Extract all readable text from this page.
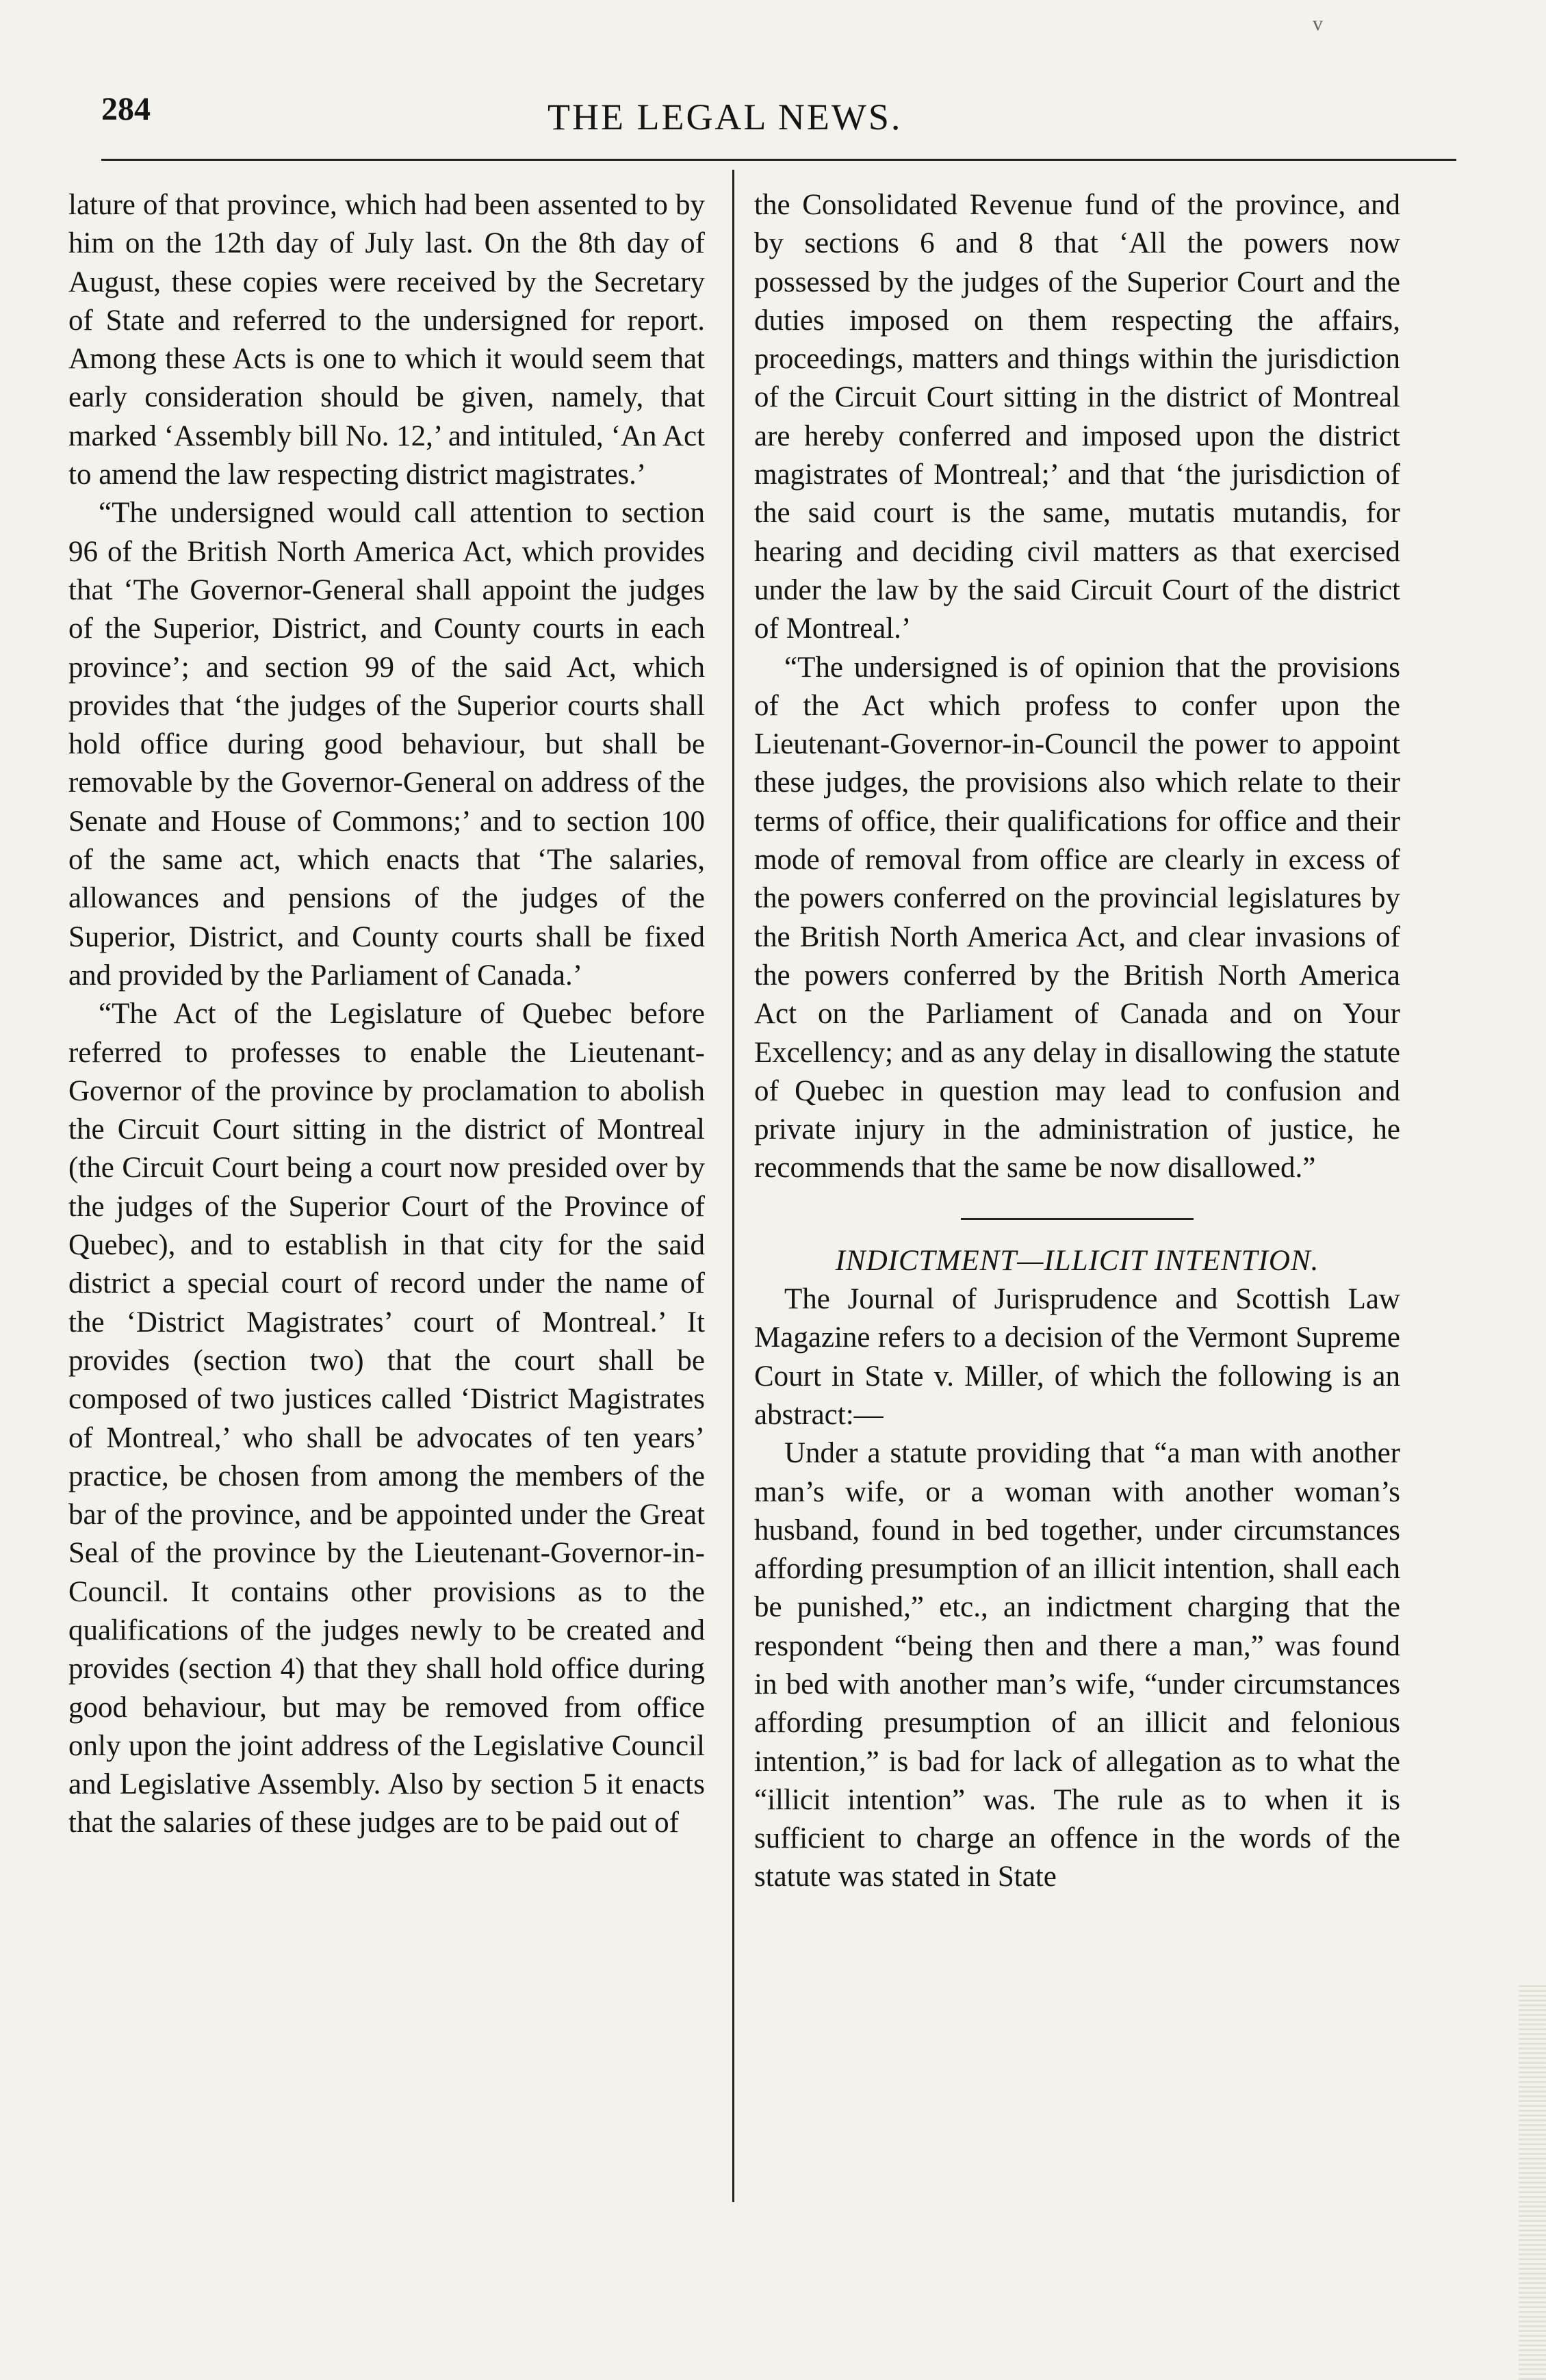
284	THE LEGAL NEWS.
v

lature of that province, which had been assented to by him on the 12th day of July last. On the 8th day of August, these copies were received by the Secretary of State and referred to the undersigned for report. Among these Acts is one to which it would seem that early consideration should be given, namely, that marked ‘Assembly bill No. 12,’ and intituled, ‘An Act to amend the law respecting district magistrates.’

“The undersigned would call attention to section 96 of the British North America Act, which provides that ‘The Governor-General shall appoint the judges of the Superior, District, and County courts in each province’; and section 99 of the said Act, which provides that ‘the judges of the Superior courts shall hold office during good behaviour, but shall be removable by the Governor-General on address of the Senate and House of Commons;’ and to section 100 of the same act, which enacts that ‘The salaries, allowances and pensions of the judges of the Superior, District, and County courts shall be fixed and provided by the Parliament of Canada.’

“The Act of the Legislature of Quebec before referred to professes to enable the Lieutenant-Governor of the province by proclamation to abolish the Circuit Court sitting in the district of Montreal (the Circuit Court being a court now presided over by the judges of the Superior Court of the Province of Quebec), and to establish in that city for the said district a special court of record under the name of the ‘District Magistrates’ court of Montreal.’ It provides (section two) that the court shall be composed of two justices called ‘District Magistrates of Montreal,’ who shall be advocates of ten years’ practice, be chosen from among the members of the bar of the province, and be appointed under the Great Seal of the province by the Lieutenant-Governor-in-Council. It contains other provisions as to the qualifications of the judges newly to be created and provides (section 4) that they shall hold office during good behaviour, but may be removed from office only upon the joint address of the Legislative Council and Legislative Assembly. Also by section 5 it enacts that the salaries of these judges are to be paid out of

the Consolidated Revenue fund of the province, and by sections 6 and 8 that ‘All the powers now possessed by the judges of the Superior Court and the duties imposed on them respecting the affairs, proceedings, matters and things within the jurisdiction of the Circuit Court sitting in the district of Montreal are hereby conferred and imposed upon the district magistrates of Montreal;’ and that ‘the jurisdiction of the said court is the same, mutatis mutandis, for hearing and deciding civil matters as that exercised under the law by the said Circuit Court of the district of Montreal.’

“The undersigned is of opinion that the provisions of the Act which profess to confer upon the Lieutenant-Governor-in-Council the power to appoint these judges, the provisions also which relate to their terms of office, their qualifications for office and their mode of removal from office are clearly in excess of the powers conferred on the provincial legislatures by the British North America Act, and clear invasions of the powers conferred by the British North America Act on the Parliament of Canada and on Your Excellency; and as any delay in disallowing the statute of Quebec in question may lead to confusion and private injury in the administration of justice, he recommends that the same be now disallowed.”

INDICTMENT—ILLICIT INTENTION.

The Journal of Jurisprudence and Scottish Law Magazine refers to a decision of the Vermont Supreme Court in State v. Miller, of which the following is an abstract:—

Under a statute providing that “a man with another man’s wife, or a woman with another woman’s husband, found in bed together, under circumstances affording presumption of an illicit intention, shall each be punished,” etc., an indictment charging that the respondent “being then and there a man,” was found in bed with another man’s wife, “under circumstances affording presumption of an illicit and felonious intention,” is bad for lack of allegation as to what the “illicit intention” was. The rule as to when it is sufficient to charge an offence in the words of the statute was stated in State
